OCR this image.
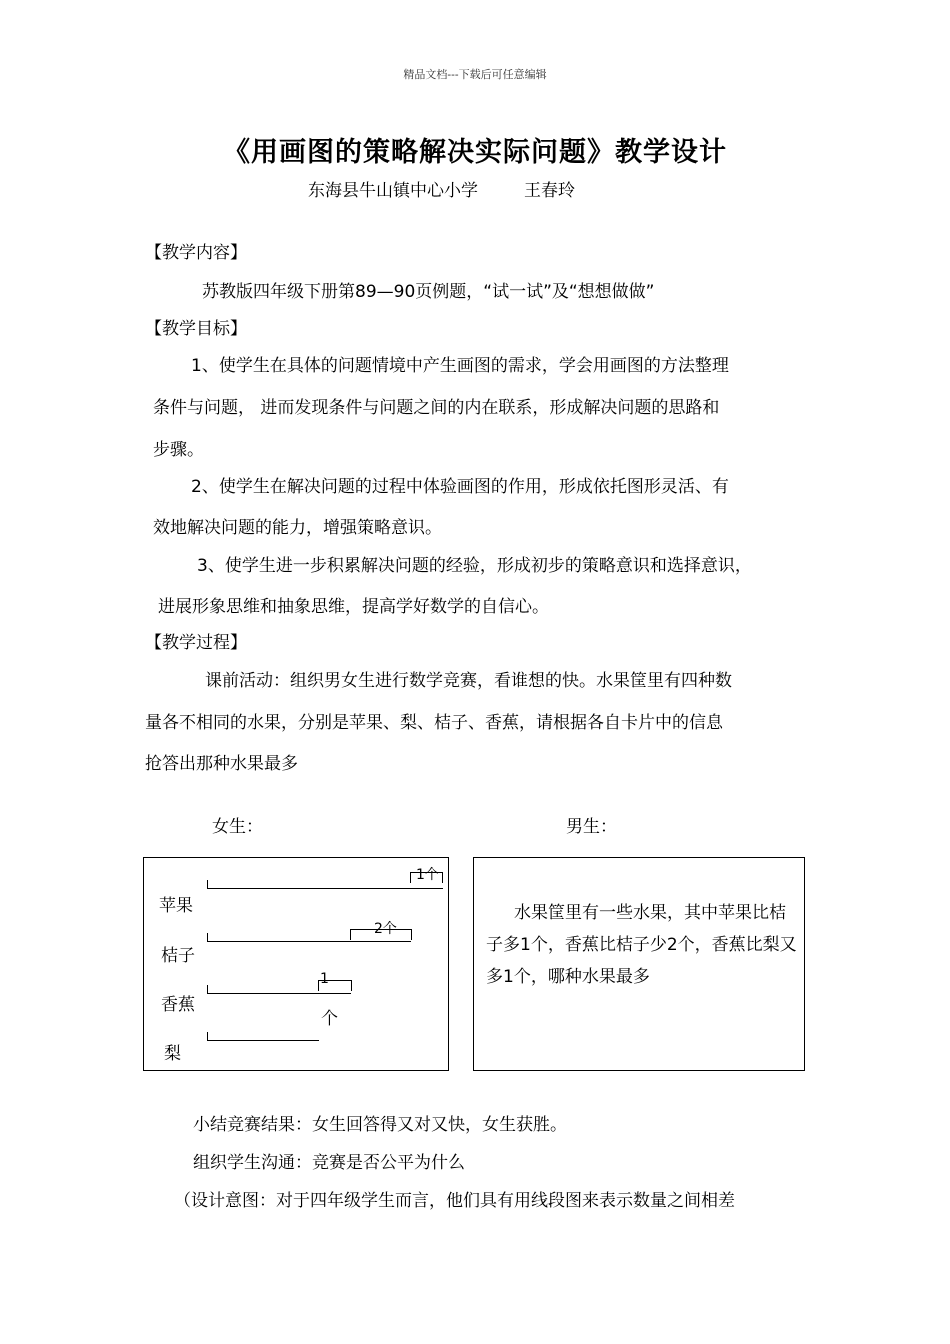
精品文档---下载后可任意编辑
《用画图的策略解决实际问题》教学设计
东海县牛山镇中心小学	王春玲
【教学内容】
苏教版四年级下册第89—90页例题，“试一试”及“想想做做”
【教学目标】
1、使学生在具体的问题情境中产生画图的需求，学会用画图的方法整理
条件与问题， 进而发现条件与问题之间的内在联系，形成解决问题的思路和
步骤。
2、使学生在解决问题的过程中体验画图的作用，形成依托图形灵活、有
效地解决问题的能力，增强策略意识。
3、使学生进一步积累解决问题的经验，形成初步的策略意识和选择意识，
进展形象思维和抽象思维，提高学好数学的自信心。
【教学过程】
课前活动：组织男女生进行数学竞赛，看谁想的快。水果筐里有四种数
量各不相同的水果，分别是苹果、梨、桔子、香蕉，请根据各自卡片中的信息
抢答出那种水果最多
女生：	男生：
苹果
桔子
香蕉
梨
1个
2个
1
个
水果筐里有一些水果，其中苹果比桔子多1个，香蕉比桔子少2个，香蕉比梨又多1个，哪种水果最多
小结竞赛结果：女生回答得又对又快，女生获胜。
组织学生沟通：竞赛是否公平为什么
（设计意图：对于四年级学生而言，他们具有用线段图来表示数量之间相差
